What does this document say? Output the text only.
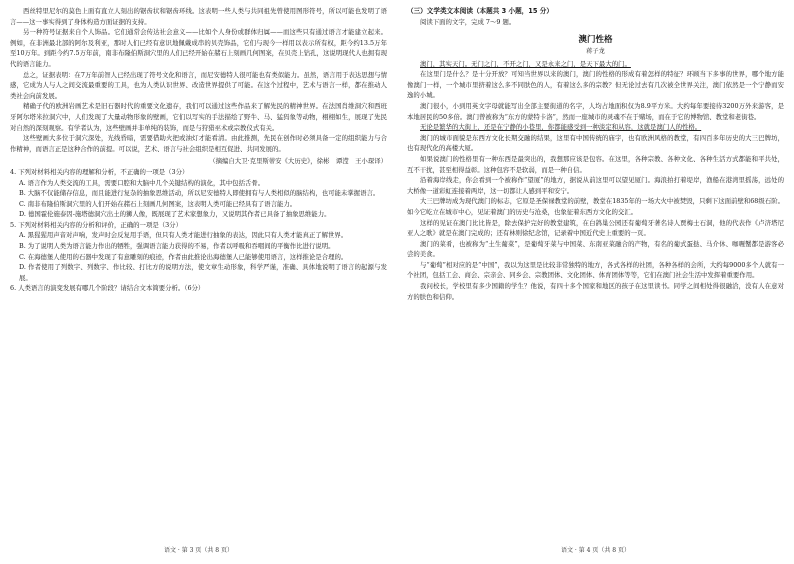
西丝特里尼尔的莫色上面有直立人刻出的锯齿状和锯齿环线。这表明一些人类与共同祖先曾使用图形符号，所以可能也发明了语言——这一事实得到了身体构造方面证据的支持。

另一种符号证据来自个人饰品。它们通常会传达社会意义——比如个人身份或群体归属——而这些只有通过语言才能建立起来。例如，在非洲最北部的阿尔及利亚，那时人们已经有意识地佩戴成串的贝壳饰品，它们与现今一样用以表示所有权，距今约13.5万年至10万年。到距今约7.5万年前，南非布隆伯斯洞穴里的人们已经开始在赭石上刻画几何图案，在贝壳上钻孔，这说明现代人也拥有现代的语言能力。

总之，证据表明：在7万年前智人已经出现了符号文化和语言，而尼安德特人很可能也有类似能力。虽然，语言用于表达思想与情感，它成为人与人之间交流最重要的工具，也为人类认识世界、改造世界提供了可能。在这个过程中，艺术与语言一样，都在推动人类社会向前发展。

精确子代的欧洲岩画艺术是旧石器时代的重要文化遗存，我们可以通过这些作品来了解先民的精神世界。在法国肖维洞穴和西班牙阿尔塔米拉洞穴中，人们发现了大量动物形象的壁画，它们以写实的手法描绘了野牛、马、猛犸象等动物，栩栩如生，展现了先民对自然的深刻观察。有学者认为，这些壁画并非单纯的装饰，而是与狩猎巫术或宗教仪式有关。

这些壁画大多位于洞穴深处，光线昏暗，需要借助火把或油灯才能看清。由此推测，先民在创作时必须具备一定的组织能力与合作精神，而语言正是这种合作的前提。可以说，艺术、语言与社会组织是相互促进、共同发展的。

（摘编自大卫·克里斯蒂安《大历史》，徐彬　谭滢　王小琛译）

4. 下列对材料相关内容的理解和分析，不正确的一项是（3分）

A. 语言作为人类交流的工具，需要口腔和大脑中几个关键结构的演化，其中包括舌骨。

B. 大脑不仅能储存信息，而且能进行复杂的抽象思维活动，所以尼安德特人即使拥有与人类相似的脑结构，也可能未掌握语言。

C. 南非布隆伯斯洞穴里的人们开始在赭石上刻画几何图案，这表明人类可能已经具有了语言能力。

D. 德国霍伦施泰因-施塔德洞穴出土的狮人像，既展现了艺术家想象力，又说明其作者已具备了抽象思维能力。

5. 下列对材料相关内容的分析和评价，正确的一项是（3分）

A. 黑猩猩用声音对声响，发声时会反复用手语，但只有人类才能进行抽象的表达，因此只有人类才能真正了解世界。

B. 为了说明人类为语言能力作出的牺牲，强调语言能力获得的不易，作者以呼吸和吞咽间的平衡作比进行说明。

C. 在海德堡人使用的石器中发现了有意雕刻的痕迹，作者由此推论出海德堡人已能够使用语言，这样推论是合理的。

D. 作者使用了列数字、列数字、作比较、打比方的说明方法，使文章生动形象，科学严谨，准确、具体地说明了语言的起源与发展。

6. 人类语言的演变发展有哪几个阶段？请结合文本简要分析。（6分）

语文 · 第 3 页（共 8 页）

（三）文学类文本阅读（本题共 3 小题，15 分）

阅读下面的文字，完成 7～9 题。

澳门性格
蒋子龙

澳门，其实天门。无门之门，不开之门，又是永来之门，是天下最大的门。

在这里门是什么？是十分开放？可知当世界以来的澳门，澳门的性格的形成有着怎样的特征？环顾当下多事的世界，哪个地方能像澳门一样，一个城市里挤着这么多不同肤色的人，有着这么多的宗教？但无论过去有几次被全世界关注，澳门依然是一个宁静而安逸的小城。

澳门很小，小到用英文字母就能写出全部主要街道的名字，人均占地面积仅为8.9平方米。大约每年要接待3200万外来游客，是本地居民的50多倍。澳门曾被称为“东方的蒙特卡洛”，然而一座城市的灵魂不在于赌场，而在于它的博物馆、教堂和老街巷。

无论是繁华的大街上，还是在宁静的小巷里，你都能感受到一种淡定和从容，这就是澳门人的性格。

澳门的城市面貌是东西方文化长期交融的结果，这里有中国传统的庙宇，也有欧洲风格的教堂，有四百多年历史的大三巴牌坊，也有现代化的高楼大厦。

如果说澳门的性格里有一种东西是最突出的，我想那应该是包容。在这里，各种宗教、各种文化、各种生活方式都能和平共处，互不干扰，甚至相得益彰。这种包容不是软弱，而是一种自信。

沿着海岸线走，你会看到一个被称作“望厦”的地方，据说从前这里可以望见厦门。海浪拍打着堤岸，渔船在港湾里摇荡，远处的大桥像一道彩虹连接着两岸，这一切都让人感到平和安宁。

大三巴牌坊成为现代澳门的标志，它原是圣保禄教堂的前壁，教堂在1835年的一场大火中被焚毁，只剩下这面前壁和68级石阶。如今它屹立在城市中心，见证着澳门的历史与沧桑，也象征着东西方文化的交汇。

这样的见证在澳门比比皆是，除去保护完好的教堂建筑，在白鸽巢公园还有葡萄牙著名诗人贾梅士石洞，他的代表作《卢济塔尼亚人之歌》就是在澳门完成的；还有林则徐纪念馆，记录着中国近代史上重要的一页。

澳门的菜肴，也被称为“土生葡菜”，是葡萄牙菜与中国菜、东南亚菜融合的产物，有名的葡式蛋挞、马介休、咖喱蟹都是游客必尝的美食。

与“葡萄”相对应的是“中国”，我以为这里是比较非常独特的地方，各式各样的社团，各种各样的会所，大约每9000多个人就有一个社团，包括工会、商会、宗亲会、同乡会、宗教团体、文化团体、体育团体等等，它们在澳门社会生活中发挥着重要作用。

我问校长，学校里有多少国籍的学生？他说，有四十多个国家和地区的孩子在这里读书。同学之间相处得很融洽，没有人在意对方的肤色和信仰。

语文 · 第 4 页（共 8 页）
